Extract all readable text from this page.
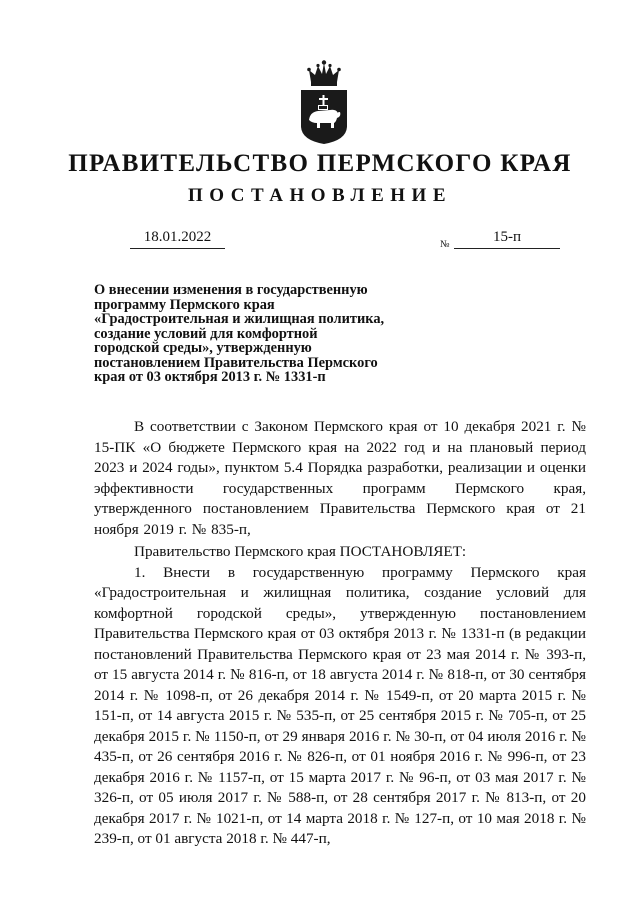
ПРАВИТЕЛЬСТВО ПЕРМСКОГО КРАЯ
ПОСТАНОВЛЕНИЕ
18.01.2022	№	15-п
О внесении изменения в государственную
программу Пермского края
«Градостроительная и жилищная политика,
создание условий для комфортной
городской среды», утвержденную
постановлением Правительства Пермского
края от 03 октября 2013 г. № 1331-п

В соответствии с Законом Пермского края от 10 декабря 2021 г. № 15-ПК «О бюджете Пермского края на 2022 год и на плановый период 2023 и 2024 годы», пунктом 5.4 Порядка разработки, реализации и оценки эффективности государственных программ Пермского края, утвержденного постановлением Правительства Пермского края от 21 ноября 2019 г. № 835-п,

Правительство Пермского края ПОСТАНОВЛЯЕТ:

1. Внести в государственную программу Пермского края «Градостроительная и жилищная политика, создание условий для комфортной городской среды», утвержденную постановлением Правительства Пермского края от 03 октября 2013 г. № 1331-п (в редакции постановлений Правительства Пермского края от 23 мая 2014 г. № 393-п, от 15 августа 2014 г. № 816-п, от 18 августа 2014 г. № 818-п, от 30 сентября 2014 г. № 1098-п, от 26 декабря 2014 г. № 1549-п, от 20 марта 2015 г. № 151-п, от 14 августа 2015 г. № 535-п, от 25 сентября 2015 г. № 705-п, от 25 декабря 2015 г. № 1150-п, от 29 января 2016 г. № 30-п, от 04 июля 2016 г. № 435-п, от 26 сентября 2016 г. № 826-п, от 01 ноября 2016 г. № 996-п, от 23 декабря 2016 г. № 1157-п, от 15 марта 2017 г. № 96-п, от 03 мая 2017 г. № 326-п, от 05 июля 2017 г. № 588-п, от 28 сентября 2017 г. № 813-п, от 20 декабря 2017 г. № 1021-п, от 14 марта 2018 г. № 127-п, от 10 мая 2018 г. № 239-п, от 01 августа 2018 г. № 447-п,
